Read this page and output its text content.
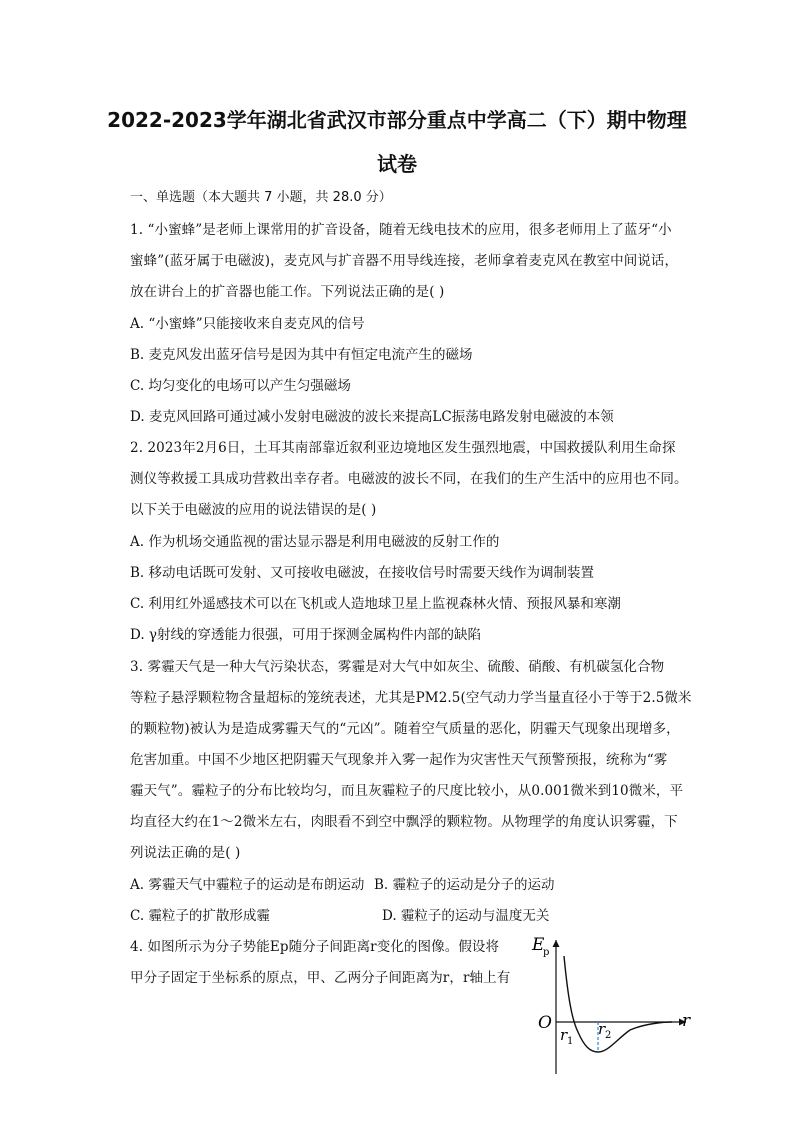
2022-2023学年湖北省武汉市部分重点中学高二（下）期中物理
试卷
一、单选题（本大题共 7 小题，共 28.0 分）
1. “小蜜蜂”是老师上课常用的扩音设备，随着无线电技术的应用，很多老师用上了蓝牙“小
蜜蜂”(蓝牙属于电磁波)，麦克风与扩音器不用导线连接，老师拿着麦克风在教室中间说话，
放在讲台上的扩音器也能工作。下列说法正确的是( )
A. “小蜜蜂”只能接收来自麦克风的信号
B. 麦克风发出蓝牙信号是因为其中有恒定电流产生的磁场
C. 均匀变化的电场可以产生匀强磁场
D. 麦克风回路可通过减小发射电磁波的波长来提高LC振荡电路发射电磁波的本领
2. 2023年2月6日，土耳其南部靠近叙利亚边境地区发生强烈地震，中国救援队利用生命探
测仪等救援工具成功营救出幸存者。电磁波的波长不同，在我们的生产生活中的应用也不同。
以下关于电磁波的应用的说法错误的是( )
A. 作为机场交通监视的雷达显示器是利用电磁波的反射工作的
B. 移动电话既可发射、又可接收电磁波，在接收信号时需要天线作为调制装置
C. 利用红外遥感技术可以在飞机或人造地球卫星上监视森林火情、预报风暴和寒潮
D. γ射线的穿透能力很强，可用于探测金属构件内部的缺陷
3. 雾霾天气是一种大气污染状态，雾霾是对大气中如灰尘、硫酸、硝酸、有机碳氢化合物
等粒子悬浮颗粒物含量超标的笼统表述，尤其是PM2.5(空气动力学当量直径小于等于2.5微米
的颗粒物)被认为是造成雾霾天气的“元凶”。随着空气质量的恶化，阴霾天气现象出现增多，
危害加重。中国不少地区把阴霾天气现象并入雾一起作为灾害性天气预警预报，统称为“雾
霾天气”。霾粒子的分布比较均匀，而且灰霾粒子的尺度比较小，从0.001微米到10微米，平
均直径大约在1～2微米左右，肉眼看不到空中飘浮的颗粒物。从物理学的角度认识雾霾，下
列说法正确的是( )
A. 雾霾天气中霾粒子的运动是布朗运动 B. 霾粒子的运动是分子的运动
C. 霾粒子的扩散形成霾	D. 霾粒子的运动与温度无关
4. 如图所示为分子势能Ep随分子间距离r变化的图像。假设将
甲分子固定于坐标系的原点，甲、乙两分子间距离为r，r轴上有
E
p
r
O
r 1
r 2
